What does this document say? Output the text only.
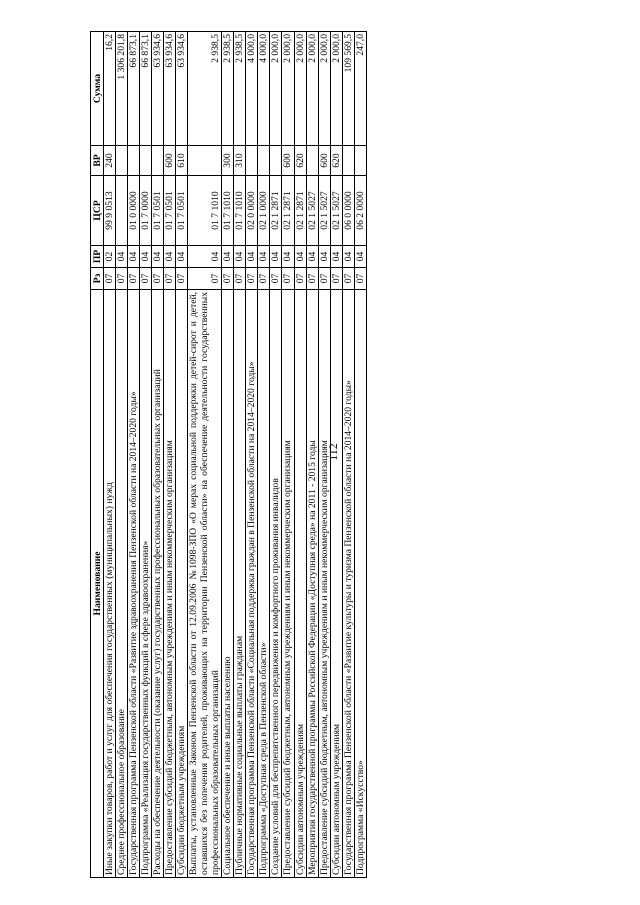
112
Наименование	Рз	ПР	ЦСР	ВР	Сумма
Иные закупки товаров, работ и услуг для обеспечения государственных (муниципальных) нужд	07	02	99 9 0513	240	16,2
Среднее профессиональное образование	07	04			1 306 201,8
Государственная программа Пензенской области «Развитие здравоохранения Пензенской области на 2014–2020 годы»	07	04	01 0 0000		66 873,1
Подпрограмма «Реализация государственных функций в сфере здравоохранения»	07	04	01 7 0000		66 873,1
Расходы на обеспечение деятельности (оказание услуг) государственных профессиональных образовательных организаций	07	04	01 7 0501		63 934,6
Предоставление субсидий бюджетным, автономным учреждениям и иным некоммерческим организациям	07	04	01 7 0501	600	63 934,6
Субсидии бюджетным учреждениям	07	04	01 7 0501	610	63 934,6
Выплаты, установленные Законом Пензенской области от 12.09.2006 №1098-ЗПО «О мерах социальной поддержки детей-сирот и детей, оставшихся без попечения родителей, проживающих на территории Пензенской области» на обеспечение деятельности государственных профессиональных образовательных организаций	07	04	01 7 1010		2 938,5
Социальное обеспечение и иные выплаты населению	07	04	01 7 1010	300	2 938,5
Публичные нормативные социальные выплаты гражданам	07	04	01 7 1010	310	2 938,5
Государственная программа Пензенской области «Социальная поддержка граждан в Пензенской области на 2014–2020 годы»	07	04	02 0 0000		4 000,0
Подпрограмма «Доступная среда в Пензенской области»	07	04	02 1 0000		4 000,0
Создание условий для беспрепятственного передвижения и комфортного проживания инвалидов	07	04	02 1 2871		2 000,0
Предоставление субсидий бюджетным, автономным учреждениям и иным некоммерческим организациям	07	04	02 1 2871	600	2 000,0
Субсидии автономным учреждениям	07	04	02 1 2871	620	2 000,0
Мероприятия государственной программы Российской Федерации «Доступная среда» на 2011 - 2015 годы	07	04	02 1 5027		2 000,0
Предоставление субсидий бюджетным, автономным учреждениям и иным некоммерческим организациям	07	04	02 1 5027	600	2 000,0
Субсидии автономным учреждениям	07	04	02 1 5027	620	2 000,0
Государственная программа Пензенской области «Развитие культуры и туризма Пензенской области на 2014–2020 годы»	07	04	06 0 0000		109 569,5
Подпрограмма «Искусство»	07	04	06 2 0000		247,0
